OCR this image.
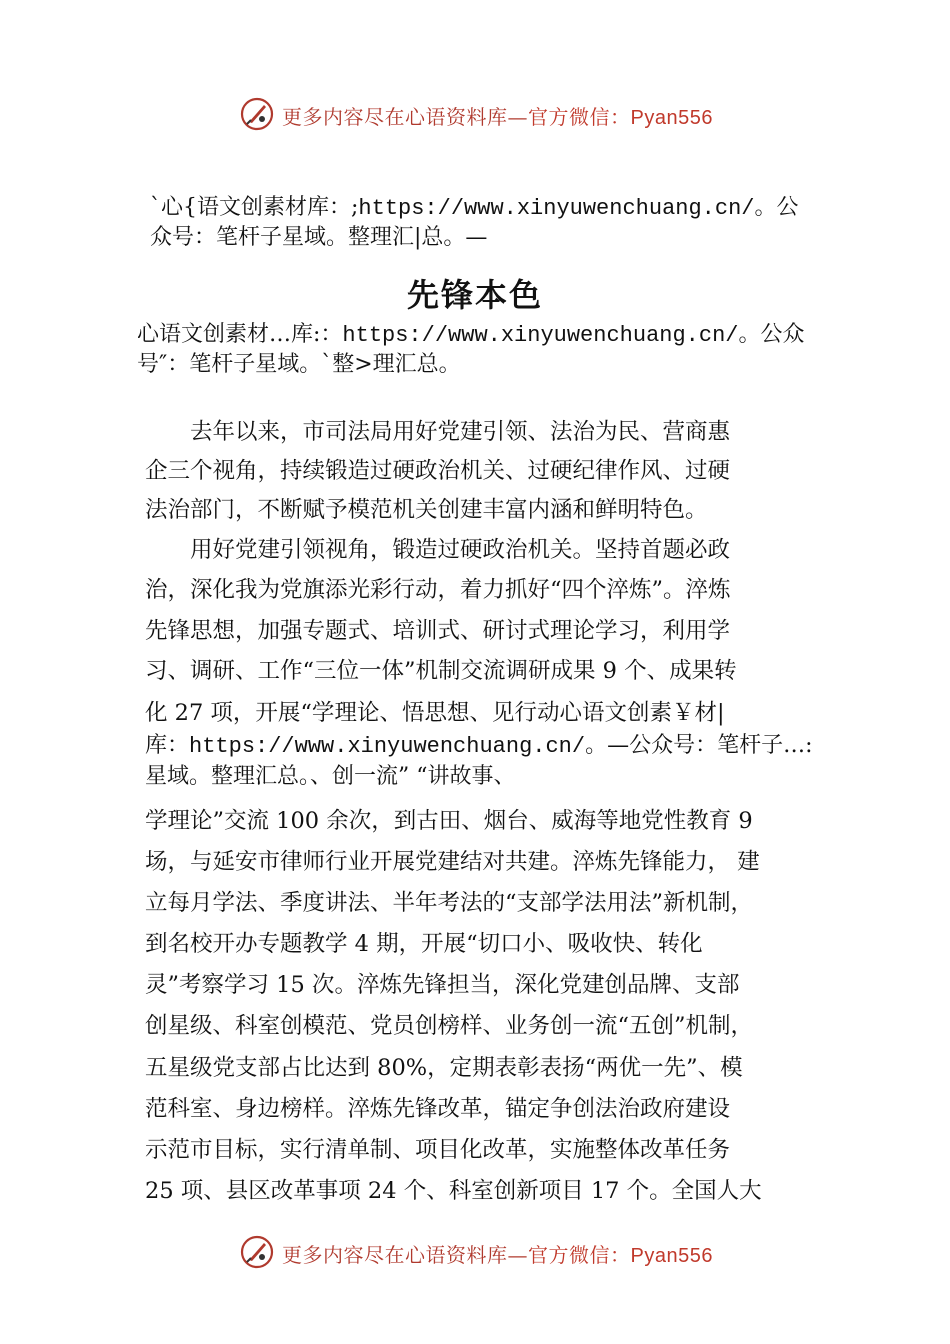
更多内容尽在心语资料库—官方微信：Pyan556
`心{语文创素材库：;https://www.xinyuwenchuang.cn/。公
众号：笔杆子星域。整理汇|总。—
先锋本色
心语文创素材…库:：https://www.xinyuwenchuang.cn/。公众
号″：笔杆子星域。`整>理汇总。
　　去年以来，市司法局用好党建引领、法治为民、营商惠
企三个视角，持续锻造过硬政治机关、过硬纪律作风、过硬
法治部门，不断赋予模范机关创建丰富内涵和鲜明特色。
　　用好党建引领视角，锻造过硬政治机关。坚持首题必政
治，深化我为党旗添光彩行动，着力抓好“四个淬炼”。淬炼
先锋思想，加强专题式、培训式、研讨式理论学习，利用学
习、调研、工作“三位一体”机制交流调研成果 9 个、成果转
化 27 项，开展“学理论、悟思想、见行动心语文创素￥材|
库：https://www.xinyuwenchuang.cn/。—公众号：笔杆子…:
星域。整理汇总。、创一流” “讲故事、
学理论”交流 100 余次，到古田、烟台、威海等地党性教育 9
场，与延安市律师行业开展党建结对共建。淬炼先锋能力， 建
立每月学法、季度讲法、半年考法的“支部学法用法”新机制，
到名校开办专题教学 4 期，开展“切口小、吸收快、转化
灵”考察学习 15 次。淬炼先锋担当，深化党建创品牌、支部
创星级、科室创模范、党员创榜样、业务创一流“五创”机制，
五星级党支部占比达到 80%，定期表彰表扬“两优一先”、模
范科室、身边榜样。淬炼先锋改革，锚定争创法治政府建设
示范市目标，实行清单制、项目化改革，实施整体改革任务
25 项、县区改革事项 24 个、科室创新项目 17 个。全国人大
更多内容尽在心语资料库—官方微信：Pyan556
